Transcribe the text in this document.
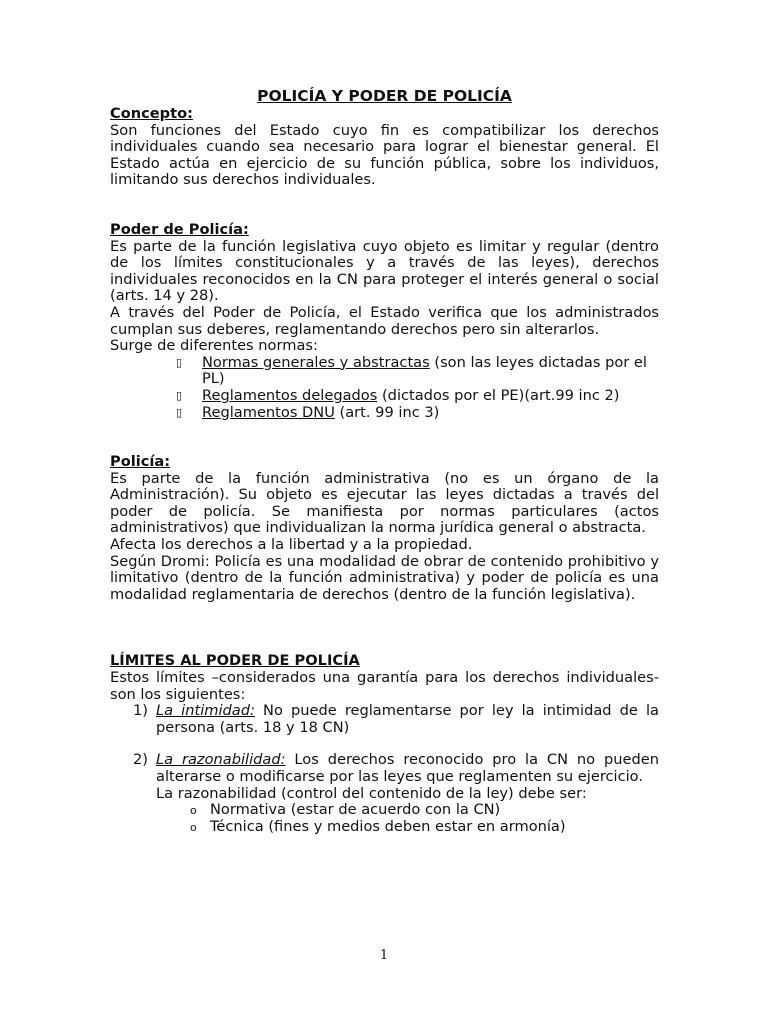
POLICÍA Y PODER DE POLICÍA

Concepto:

Son funciones del Estado cuyo fin es compatibilizar los derechos individuales cuando sea necesario para lograr el bienestar general. El Estado actúa en ejercicio de su función pública, sobre los individuos, limitando sus derechos individuales.

Poder de Policía:

Es parte de la función legislativa cuyo objeto es limitar y regular (dentro de los límites constitucionales y a través de las leyes), derechos individuales reconocidos en la CN para proteger el interés general o social (arts. 14 y 28).

A través del Poder de Policía, el Estado verifica que los administrados cumplan sus deberes, reglamentando derechos pero sin alterarlos.

Surge de diferentes normas:

▯ Normas generales y abstractas (son las leyes dictadas por el PL)
▯ Reglamentos delegados (dictados por el PE)(art.99 inc 2)
▯ Reglamentos DNU (art. 99 inc 3)

Policía:

Es parte de la función administrativa (no es un órgano de la Administración). Su objeto es ejecutar las leyes dictadas a través del poder de policía. Se manifiesta por normas particulares (actos administrativos) que individualizan la norma jurídica general o abstracta.

Afecta los derechos a la libertad y a la propiedad.

Según Dromi: Policía es una modalidad de obrar de contenido prohibitivo y limitativo (dentro de la función administrativa) y poder de policía es una modalidad reglamentaria de derechos (dentro de la función legislativa).

LÍMITES AL PODER DE POLICÍA

Estos límites –considerados una garantía para los derechos individuales- son los siguientes:

1) La intimidad: No puede reglamentarse por ley la intimidad de la persona (arts. 18 y 18 CN)
2) La razonabilidad: Los derechos reconocido pro la CN no pueden alterarse o modificarse por las leyes que reglamenten su ejercicio.
La razonabilidad (control del contenido de la ley) debe ser:
o Normativa (estar de acuerdo con la CN)
o Técnica (fines y medios deben estar en armonía)
1
